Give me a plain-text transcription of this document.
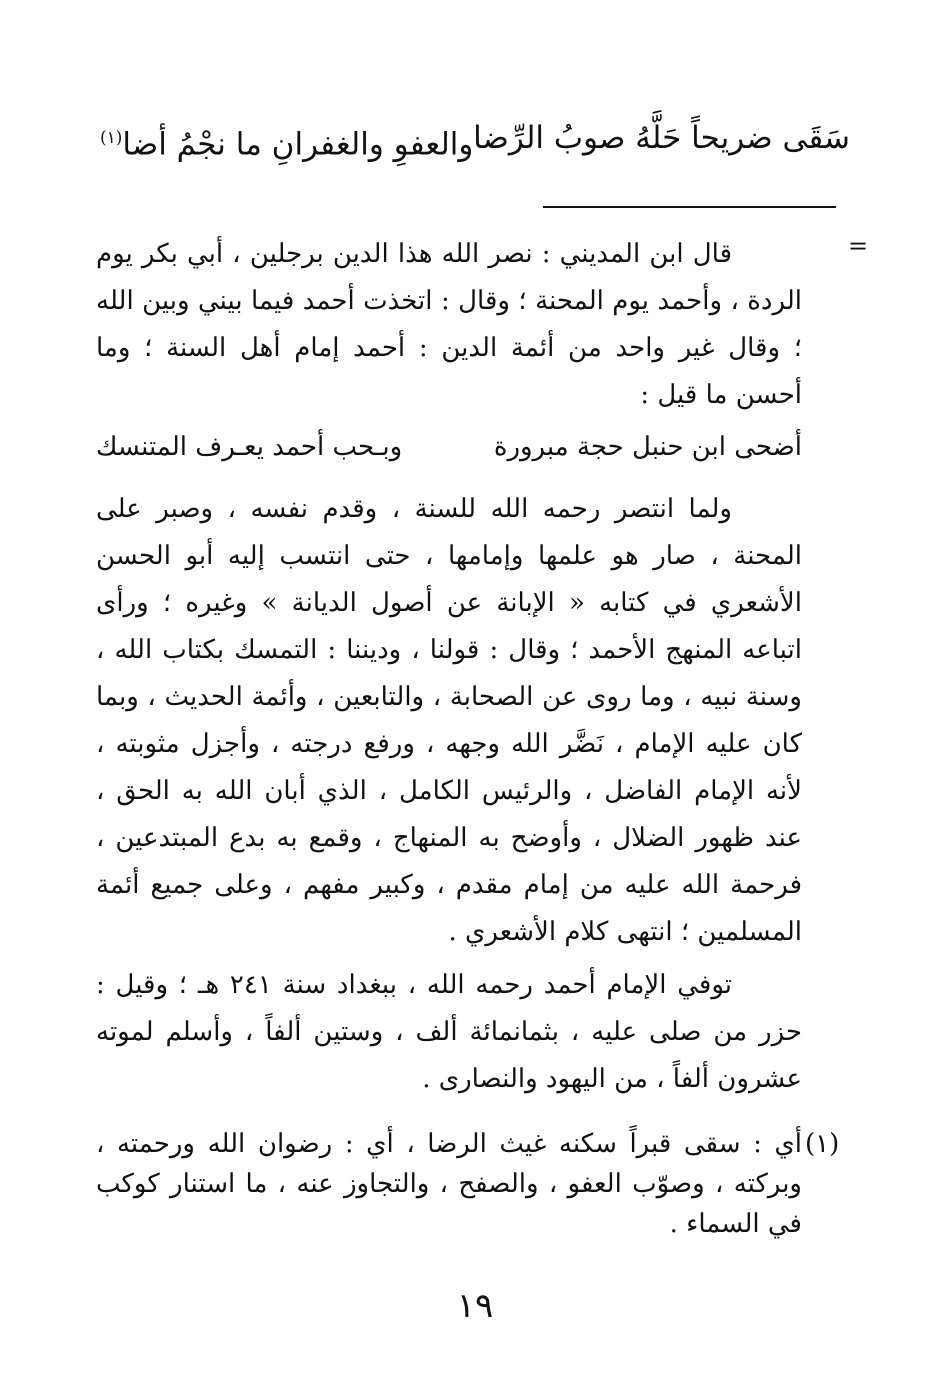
سَقَى ضريحاً حَلَّهُ صوبُ الرِّضا
والعفوِ والغفرانِ ما نجْمُ أضا$^{(١)}$
=

قال ابن المديني : نصر الله هذا الدين برجلين ، أبي بكر يوم الردة ، وأحمد يوم المحنة ؛ وقال : اتخذت أحمد فيما بيني وبين الله ؛ وقال غير واحد من أئمة الدين : أحمد إمام أهل السنة ؛ وما أحسن ما قيل :

أضحى ابن حنبل حجة مبرورة
وبـحب أحمد يعـرف المتنسك

ولما انتصر رحمه الله للسنة ، وقدم نفسه ، وصبر على المحنة ، صار هو علمها وإمامها ، حتى انتسب إليه أبو الحسن الأشعري في كتابه « الإبانة عن أصول الديانة » وغيره ؛ ورأى اتباعه المنهج الأحمد ؛ وقال : قولنا ، وديننا : التمسك بكتاب الله ، وسنة نبيه ، وما روى عن الصحابة ، والتابعين ، وأئمة الحديث ، وبما كان عليه الإمام ، نَضَّر الله وجهه ، ورفع درجته ، وأجزل مثوبته ، لأنه الإمام الفاضل ، والرئيس الكامل ، الذي أبان الله به الحق ، عند ظهور الضلال ، وأوضح به المنهاج ، وقمع به بدع المبتدعين ، فرحمة الله عليه من إمام مقدم ، وكبير مفهم ، وعلى جميع أئمة المسلمين ؛ انتهى كلام الأشعري .

توفي الإمام أحمد رحمه الله ، ببغداد سنة ٢٤١ هـ ؛ وقيل : حزر من صلى عليه ، بثمانمائة ألف ، وستين ألفاً ، وأسلم لموته عشرون ألفاً ، من اليهود والنصارى .

(١)

أي : سقى قبراً سكنه غيث الرضا ، أي : رضوان الله ورحمته ، وبركته ، وصوّب العفو ، والصفح ، والتجاوز عنه ، ما استنار كوكب في السماء .

١٩
